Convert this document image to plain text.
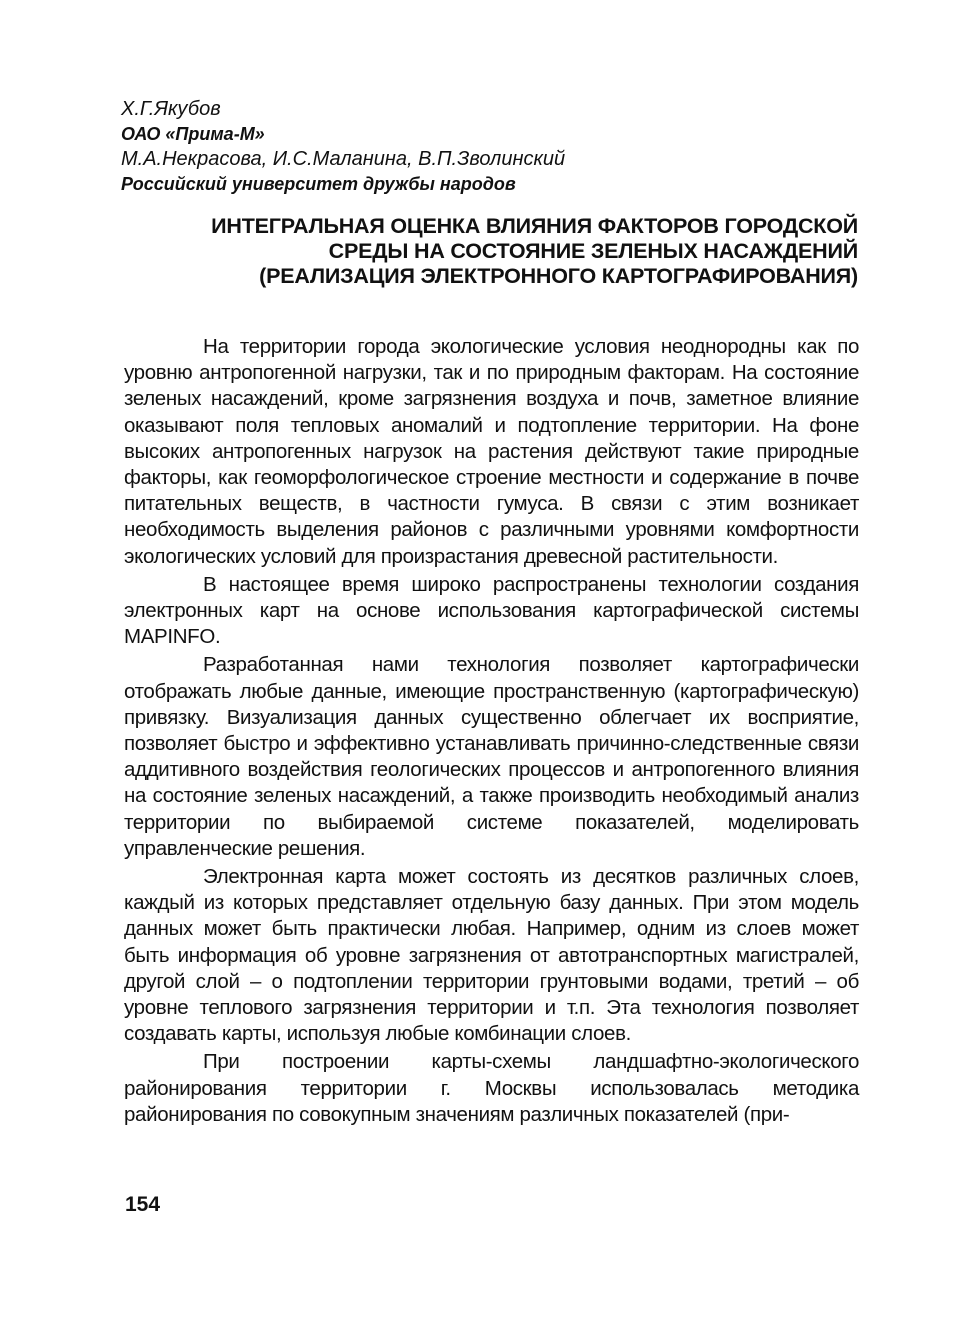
Х.Г.Якубов
ОАО «Прима-М»
М.А.Некрасова, И.С.Маланина, В.П.Зволинский
Российский университет дружбы народов
ИНТЕГРАЛЬНАЯ ОЦЕНКА ВЛИЯНИЯ ФАКТОРОВ ГОРОДСКОЙ
СРЕДЫ НА СОСТОЯНИЕ ЗЕЛЕНЫХ НАСАЖДЕНИЙ
(РЕАЛИЗАЦИЯ ЭЛЕКТРОННОГО КАРТОГРАФИРОВАНИЯ)

На территории города экологические условия неоднородны как по уровню антропогенной нагрузки, так и по природным факторам. На состояние зеленых насаждений, кроме загрязнения воздуха и почв, заметное влияние оказывают поля тепловых аномалий и подтопление территории. На фоне высоких антропогенных нагрузок на растения действуют такие природные факторы, как геоморфологическое строение местности и содержание в почве питательных веществ, в частности гумуса. В связи с этим возникает необходимость выделения районов с различными уровнями комфортности экологических условий для произрастания древесной растительности.

В настоящее время широко распространены технологии создания электронных карт на основе использования картографической системы MAPINFO.

Разработанная нами технология позволяет картографически отображать любые данные, имеющие пространственную (картографическую) привязку. Визуализация данных существенно облегчает их восприятие, позволяет быстро и эффективно устанавливать причинно-следственные связи аддитивного воздействия геологических процессов и антропогенного влияния на состояние зеленых насаждений, а также производить необходимый анализ территории по выбираемой системе показателей, моделировать управленческие решения.

Электронная карта может состоять из десятков различных слоев, каждый из которых представляет отдельную базу данных. При этом модель данных может быть практически любая. Например, одним из слоев может быть информация об уровне загрязнения от автотранспортных магистралей, другой слой – о подтоплении территории грунтовыми водами, третий – об уровне теплового загрязнения территории и т.п. Эта технология позволяет создавать карты, используя любые комбинации слоев.

При построении карты-схемы ландшафтно-экологического районирования территории г. Москвы использовалась методика районирования по совокупным значениям различных показателей (при-

154
